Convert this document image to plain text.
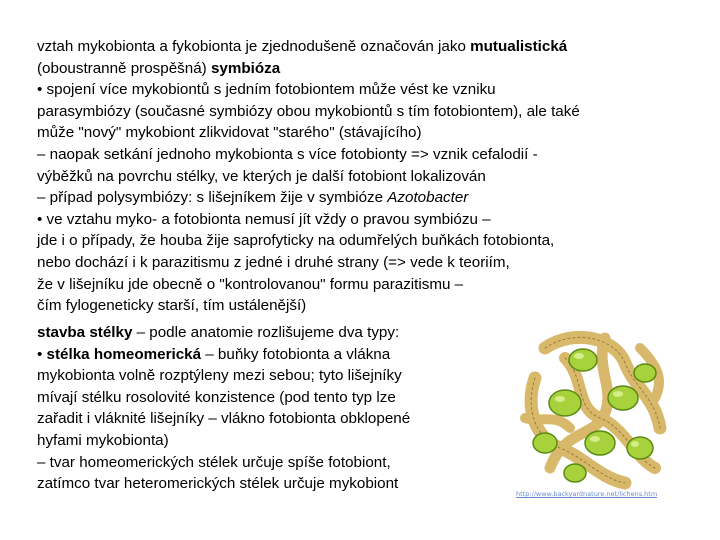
vztah mykobionta a fykobionta je zjednodušeně označován jako mutualistická
(oboustranně prospěšná) symbióza
• spojení více mykobiontů s jedním fotobiontem může vést ke vzniku
parasymbiózy (současné symbiózy obou mykobiontů s tím fotobiontem), ale také
může "nový" mykobiont zlikvidovat "starého" (stávajícího)
– naopak setkání jednoho mykobionta s více fotobionty => vznik cefalodií -
výběžků na povrchu stélky, ve kterých je další fotobiont lokalizován
– případ polysymbiózy: s lišejníkem žije v symbióze Azotobacter
• ve vztahu myko- a fotobionta nemusí jít vždy o pravou symbiózu –
jde i o případy, že houba žije saprofyticky na odumřelých buňkách fotobionta,
nebo dochází i k parazitismu z jedné i druhé strany (=> vede k teoriím,
že v lišejníku jde obecně o "kontrolovanou" formu parazitismu –
čím fylogeneticky starší, tím ustálenější)
stavba stélky – podle anatomie rozlišujeme dva typy:
• stélka homeomerická – buňky fotobionta a vlákna
mykobionta volně rozptýleny mezi sebou; tyto lišejníky
mívají stélku rosolovité konzistence (pod tento typ lze
zařadit i vláknité lišejníky – vlákno fotobionta obklopené
hyfami mykobionta)
– tvar homeomerických stélek určuje spíše fotobiont,
zatímco tvar heteromerických stélek určuje mykobiont
http://www.backyardnature.net/lichens.htm
